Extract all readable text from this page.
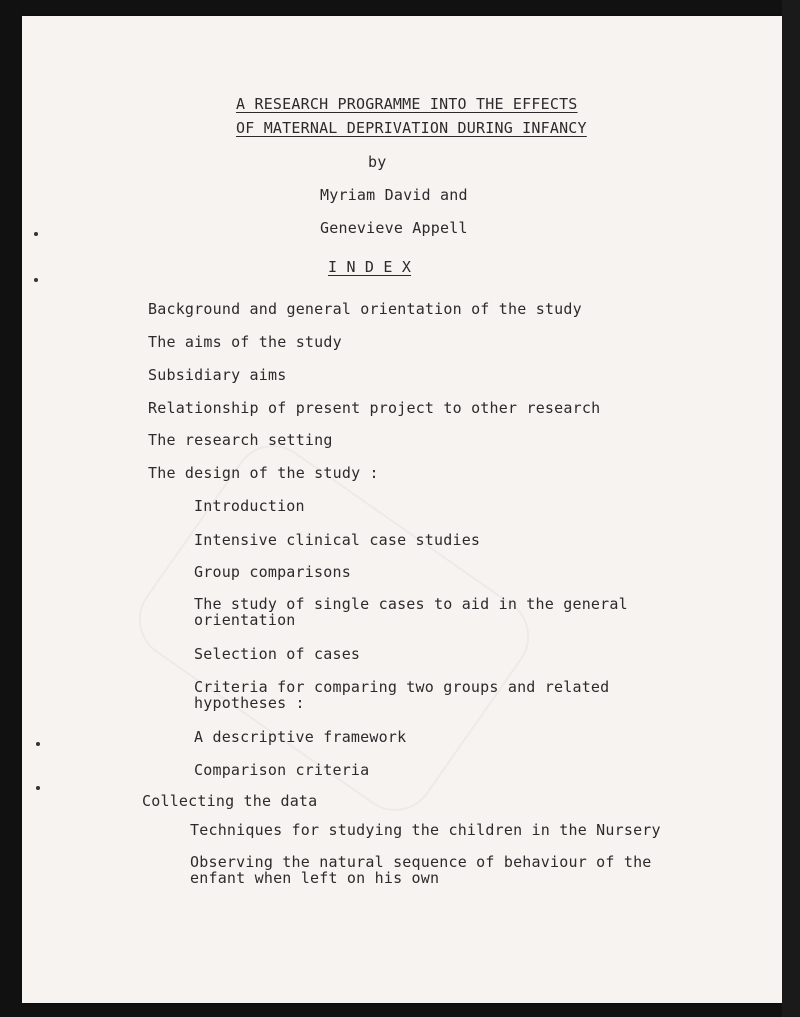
A RESEARCH PROGRAMME INTO THE EFFECTS
OF MATERNAL DEPRIVATION DURING INFANCY
by
Myriam David and
Genevieve Appell
I N D E X
Background and general orientation of the study
The aims of the study
Subsidiary aims
Relationship of present project to other research
The research setting
The design of the study :
Introduction
Intensive clinical case studies
Group comparisons
The study of single cases to aid in the general orientation
Selection of cases
Criteria for comparing two groups and related hypotheses :
A descriptive framework
Comparison criteria
Collecting the data
Techniques for studying the children in the Nursery
Observing the natural sequence of behaviour of the enfant when left on his own
